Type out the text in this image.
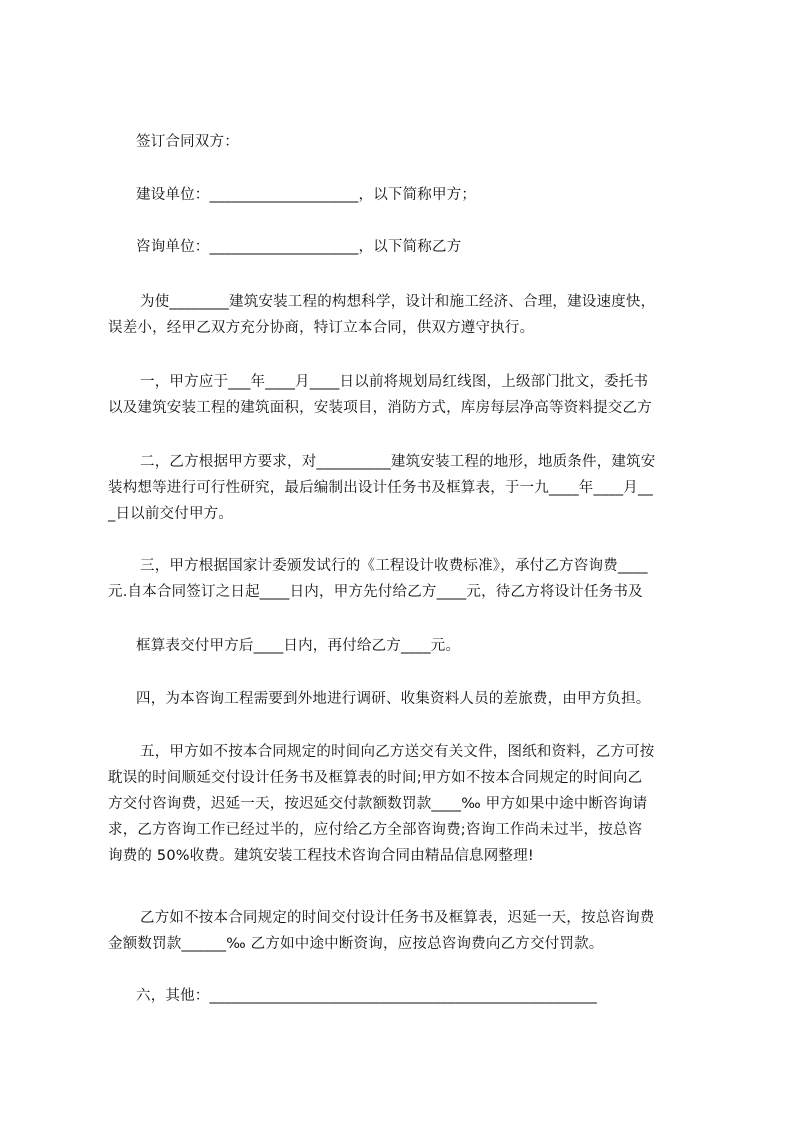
签订合同双方：
建设单位：____________________，以下简称甲方；
咨询单位：____________________，以下简称乙方
为使________建筑安装工程的构想科学，设计和施工经济、合理，建设速度快，
误差小，经甲乙双方充分协商，特订立本合同，供双方遵守执行。
一，甲方应于___年____月____日以前将规划局红线图，上级部门批文，委托书
以及建筑安装工程的建筑面积，安装项目，消防方式，库房每层净高等资料提交乙方
二，乙方根据甲方要求，对__________建筑安装工程的地形，地质条件，建筑安
装构想等进行可行性研究，最后编制出设计任务书及框算表，于一九____年____月__
_日以前交付甲方。
三，甲方根据国家计委颁发试行的《工程设计收费标准》，承付乙方咨询费____
元.自本合同签订之日起____日内，甲方先付给乙方____元，待乙方将设计任务书及
框算表交付甲方后____日内，再付给乙方____元。
四，为本咨询工程需要到外地进行调研、收集资料人员的差旅费，由甲方负担。
五，甲方如不按本合同规定的时间向乙方送交有关文件，图纸和资料，乙方可按
耽误的时间顺延交付设计任务书及框算表的时间;甲方如不按本合同规定的时间向乙
方交付咨询费，迟延一天，按迟延交付款额数罚款____‰ 甲方如果中途中断咨询请
求，乙方咨询工作已经过半的，应付给乙方全部咨询费;咨询工作尚未过半，按总咨
询费的 50%收费。建筑安装工程技术咨询合同由精品信息网整理!
乙方如不按本合同规定的时间交付设计任务书及框算表，迟延一天，按总咨询费
金额数罚款______‰ 乙方如中途中断资询，应按总咨询费向乙方交付罚款。
六，其他：____________________________________________________
